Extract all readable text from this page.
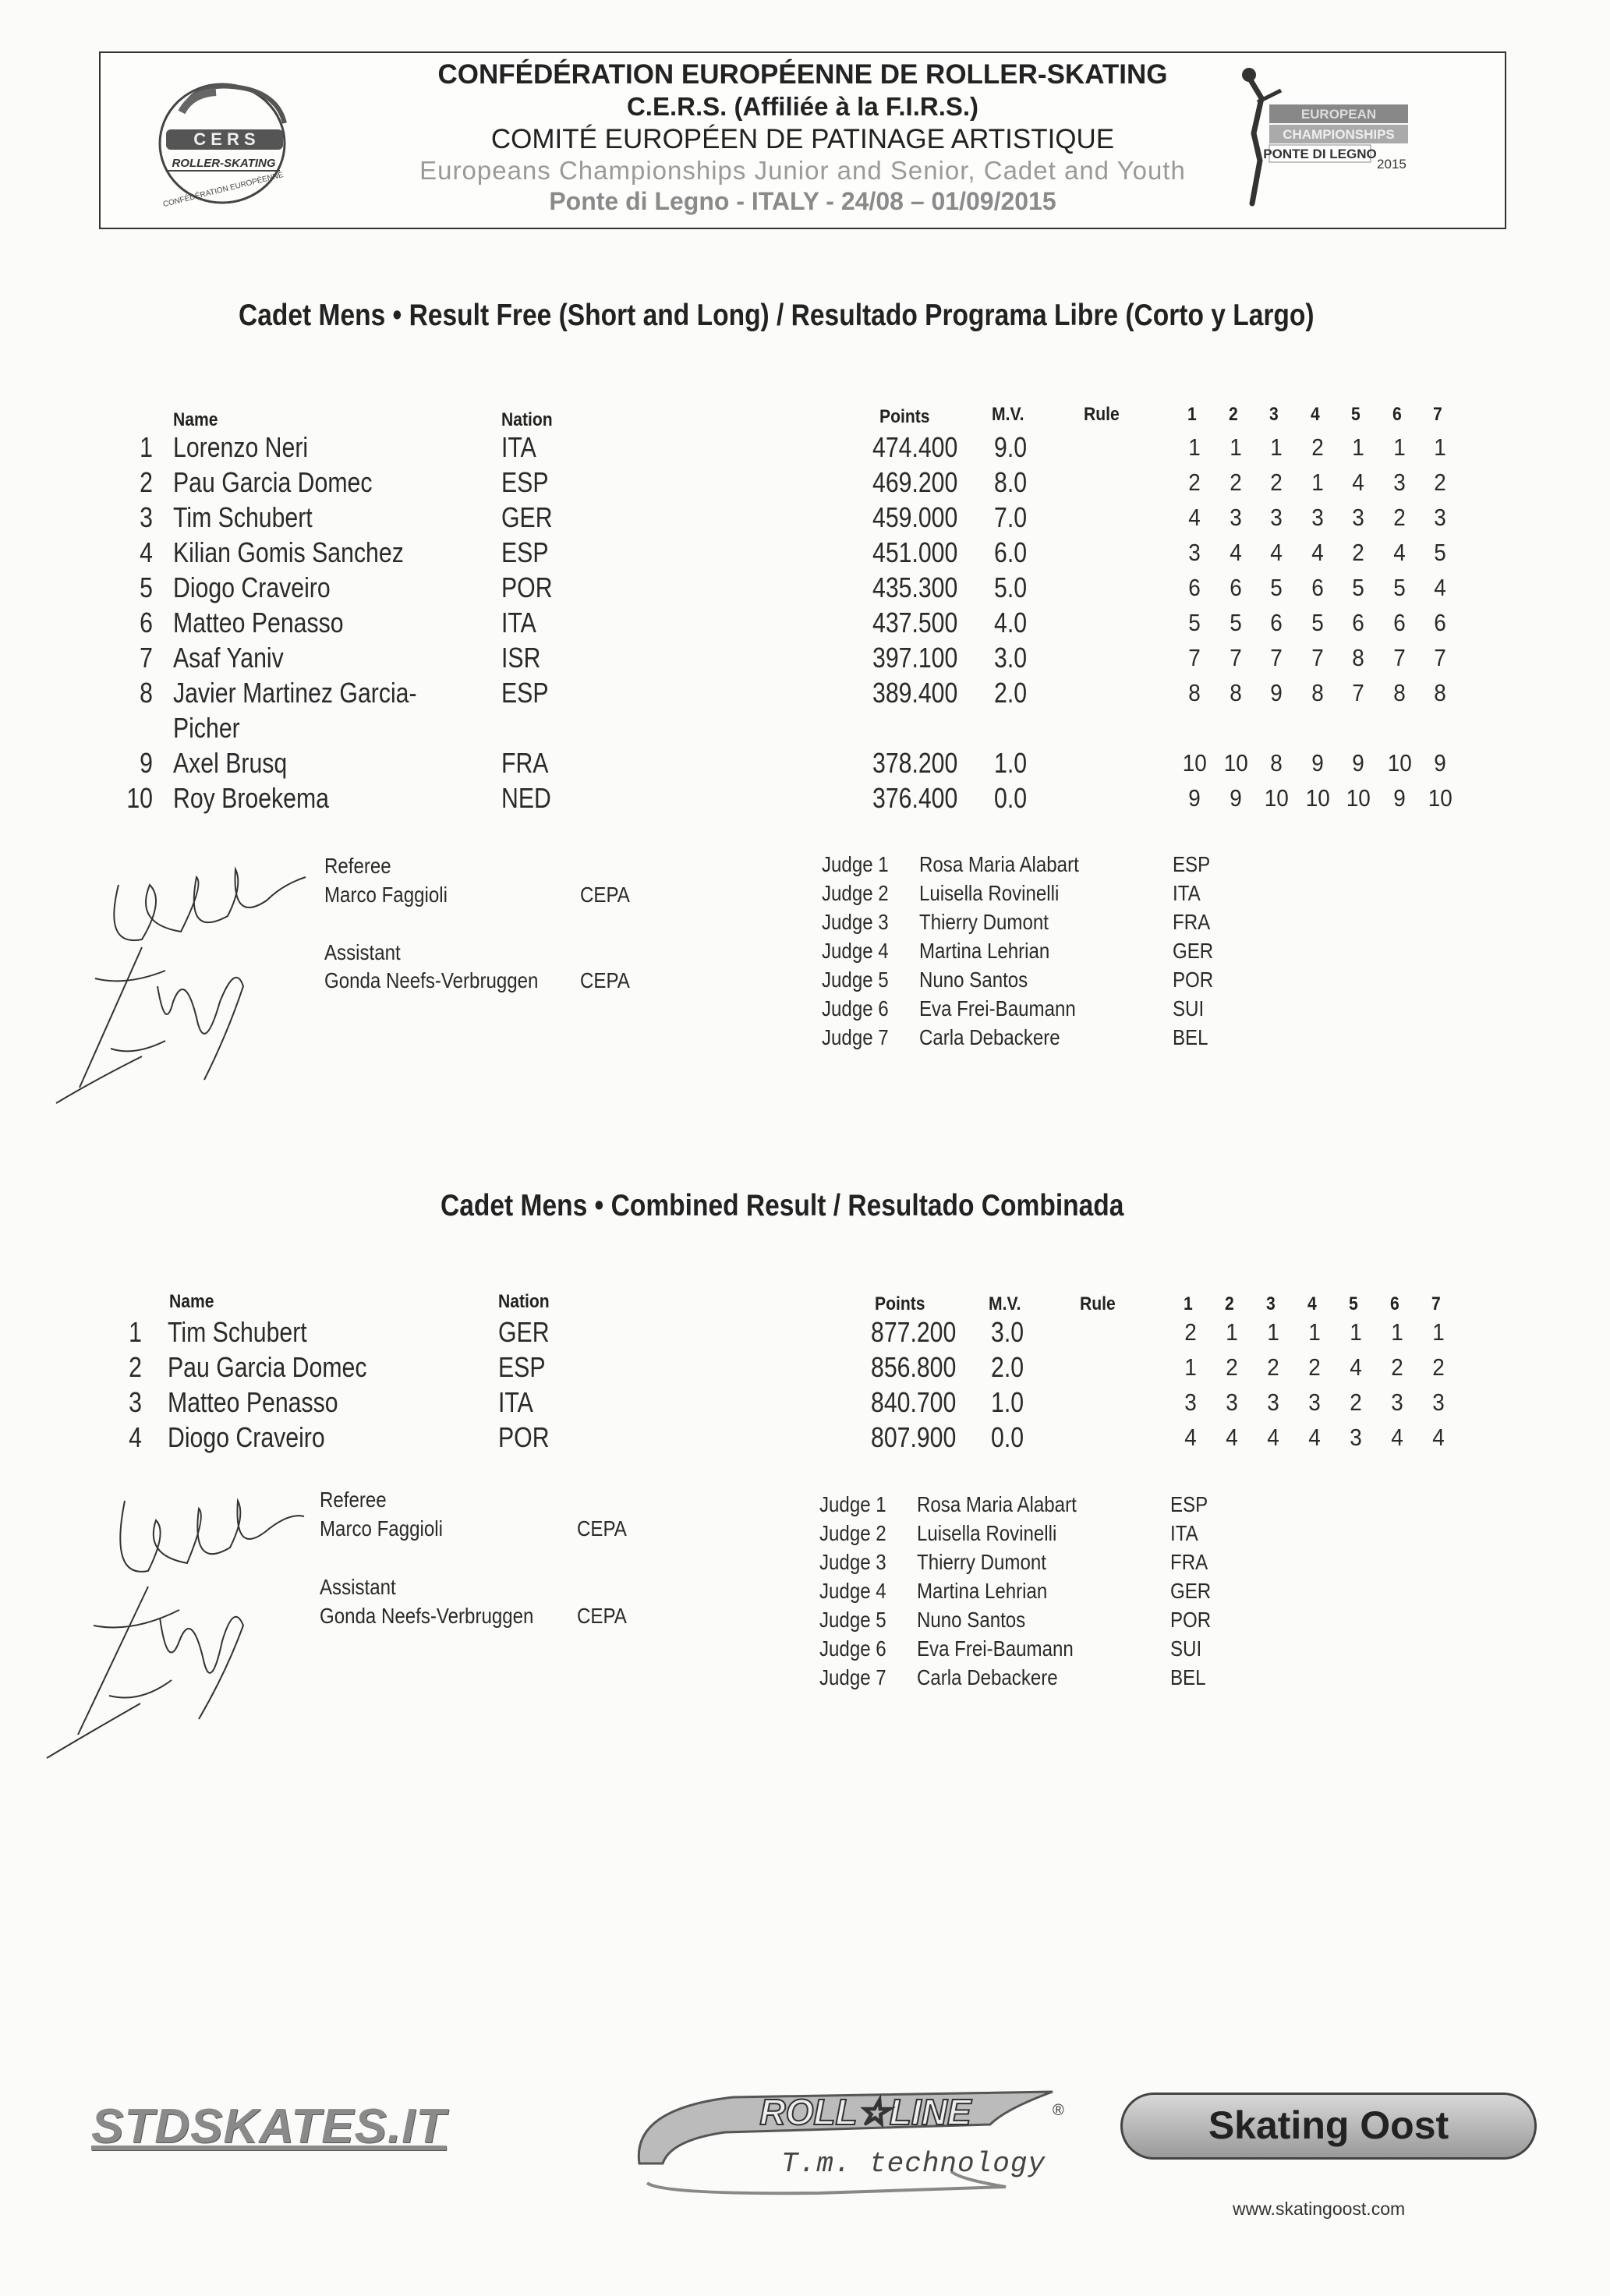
CONFÉDÉRATION EUROPÉENNE DE ROLLER-SKATING
C.E.R.S. (Affiliée à la F.I.R.S.)
COMITÉ EUROPÉEN DE PATINAGE ARTISTIQUE
Europeans Championships Junior and Senior, Cadet and Youth
Ponte di Legno - ITALY - 24/08 – 01/09/2015
C E R S
ROLLER-SKATING
CONFÉDÉRATION EUROPÉENNE
EUROPEAN
CHAMPIONSHIPS
PONTE DI LEGNO
2015
Cadet Mens • Result Free (Short and Long) / Resultado Programa Libre (Corto y Largo)
Name	Nation	Points	M.V.	Rule	1 2 3 4 5 6 7
1 Lorenzo Neri	ITA	474.400 9.0	1 1 1 2 1 1 1
2 Pau Garcia Domec	ESP	469.200 8.0	2 2 2 1 4 3 2
3 Tim Schubert	GER	459.000 7.0	4 3 3 3 3 2 3
4 Kilian Gomis Sanchez	ESP	451.000 6.0	3 4 4 4 2 4 5
5 Diogo Craveiro	POR	435.300 5.0	6 6 5 6 5 5 4
6 Matteo Penasso	ITA	437.500 4.0	5 5 6 5 6 6 6
7 Asaf Yaniv	ISR	397.100 3.0	7 7 7 7 8 7 7
8 Javier Martinez Garcia-
Picher
ESP	389.400 2.0	8 8 9 8 7 8 8
9 Axel Brusq	FRA	378.200 1.0	10 10 8 9 9 10 9
10 Roy Broekema	NED	376.400 0.0	9 9 10 10 10 9 10
Referee
Marco Faggioli	CEPA
Assistant
Gonda Neefs-Verbruggen CEPA
Judge 1 Rosa Maria Alabart	ESP
Judge 2 Luisella Rovinelli	ITA
Judge 3 Thierry Dumont	FRA
Judge 4 Martina Lehrian	GER
Judge 5 Nuno Santos	POR
Judge 6 Eva Frei-Baumann	SUI
Judge 7 Carla Debackere	BEL
Cadet Mens • Combined Result / Resultado Combinada
Name	Nation	Points	M.V.	Rule	1 2 3 4 5 6 7
1 Tim Schubert	GER	877.200 3.0	2 1 1 1 1 1 1
2 Pau Garcia Domec	ESP	856.800 2.0	1 2 2 2 4 2 2
3 Matteo Penasso	ITA	840.700 1.0	3 3 3 3 2 3 3
4 Diogo Craveiro	POR	807.900 0.0	4 4 4 4 3 4 4
Referee
Marco Faggioli	CEPA
Assistant
Gonda Neefs-Verbruggen CEPA
Judge 1 Rosa Maria Alabart	ESP
Judge 2 Luisella Rovinelli	ITA
Judge 3 Thierry Dumont	FRA
Judge 4 Martina Lehrian	GER
Judge 5 Nuno Santos	POR
Judge 6 Eva Frei-Baumann	SUI
Judge 7 Carla Debackere	BEL
STDSKATES.IT	ROLL☆LINE	®
T.m. technology
Skating Oost
www.skatingoost.com
